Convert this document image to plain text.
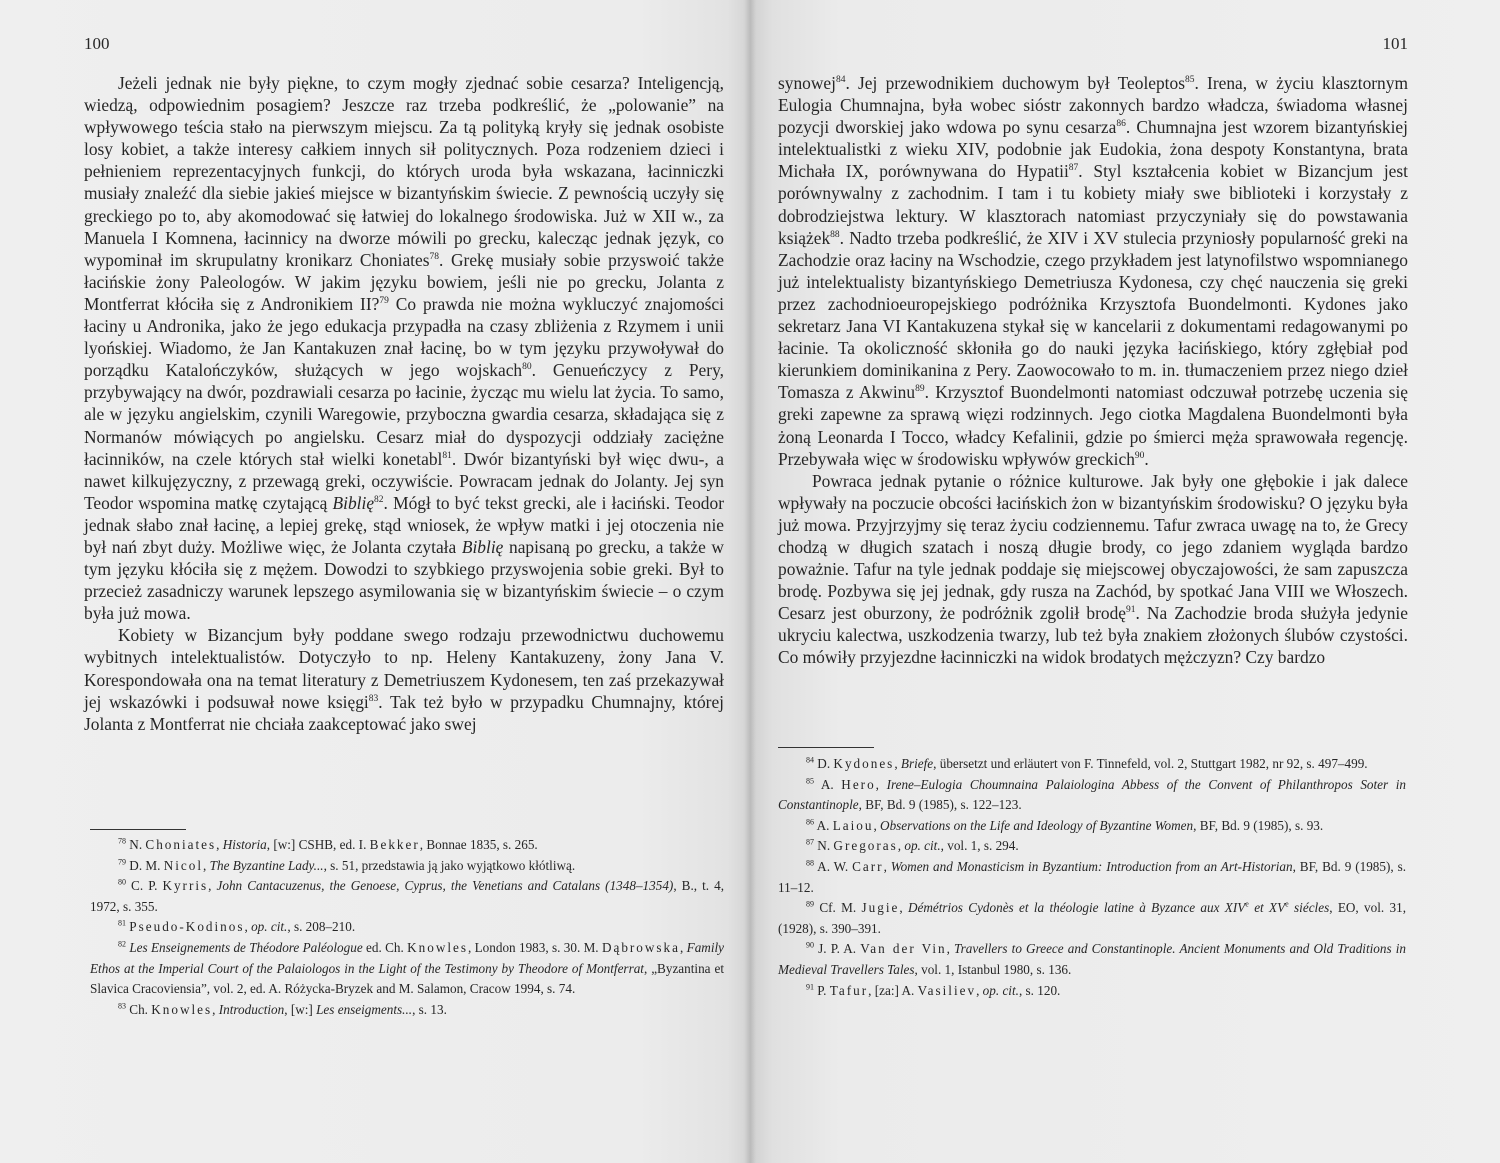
100

Jeżeli jednak nie były piękne, to czym mogły zjednać sobie cesarza? Inteligencją, wiedzą, odpowiednim posagiem? Jeszcze raz trzeba podkreślić, że „polowanie” na wpływowego teścia stało na pierwszym miejscu. Za tą polityką kryły się jednak osobiste losy kobiet, a także interesy całkiem innych sił politycznych. Poza rodzeniem dzieci i pełnieniem reprezentacyjnych funkcji, do których uroda była wskazana, łacinniczki musiały znaleźć dla siebie jakieś miejsce w bizantyńskim świecie. Z pewnością uczyły się greckiego po to, aby akomodować się łatwiej do lokalnego środowiska. Już w XII w., za Manuela I Komnena, łacinnicy na dworze mówili po grecku, kalecząc jednak język, co wypominał im skrupulatny kronikarz Choniates$^{78}$. Grekę musiały sobie przyswoić także łacińskie żony Paleologów. W jakim języku bowiem, jeśli nie po grecku, Jolanta z Montferrat kłóciła się z Andronikiem II?$^{79}$ Co prawda nie można wykluczyć znajomości łaciny u Andronika, jako że jego edukacja przypadła na czasy zbliżenia z Rzymem i unii lyońskiej. Wiadomo, że Jan Kantakuzen znał łacinę, bo w tym języku przywoływał do porządku Katalończyków, służących w jego wojskach$^{80}$. Genueńczycy z Pery, przybywający na dwór, pozdrawiali cesarza po łacinie, życząc mu wielu lat życia. To samo, ale w języku angielskim, czynili Waregowie, przyboczna gwardia cesarza, składająca się z Normanów mówiących po angielsku. Cesarz miał do dyspozycji oddziały zaciężne łacinników, na czele których stał wielki konetabl$^{81}$. Dwór bizantyński był więc dwu-, a nawet kilkujęzyczny, z przewagą greki, oczywiście. Powracam jednak do Jolanty. Jej syn Teodor wspomina matkę czytającą Biblię$^{82}$. Mógł to być tekst grecki, ale i łaciński. Teodor jednak słabo znał łacinę, a lepiej grekę, stąd wniosek, że wpływ matki i jej otoczenia nie był nań zbyt duży. Możliwe więc, że Jolanta czytała Biblię napisaną po grecku, a także w tym języku kłóciła się z mężem. Dowodzi to szybkiego przyswojenia sobie greki. Był to przecież zasadniczy warunek lepszego asymilowania się w bizantyńskim świecie – o czym była już mowa.

Kobiety w Bizancjum były poddane swego rodzaju przewodnictwu duchowemu wybitnych intelektualistów. Dotyczyło to np. Heleny Kantakuzeny, żony Jana V. Korespondowała ona na temat literatury z Demetriuszem Kydonesem, ten zaś przekazywał jej wskazówki i podsuwał nowe księgi$^{83}$. Tak też było w przypadku Chumnajny, której Jolanta z Montferrat nie chciała zaakceptować jako swej

$^{78}$ N. Choniates, Historia, [w:] CSHB, ed. I. Bekker, Bonnae 1835, s. 265.

$^{79}$ D. M. Nicol, The Byzantine Lady..., s. 51, przedstawia ją jako wyjątkowo kłótliwą.

$^{80}$ C. P. Kyrris, John Cantacuzenus, the Genoese, Cyprus, the Venetians and Catalans (1348–1354), B., t. 4, 1972, s. 355.

$^{81}$ Pseudo-Kodinos, op. cit., s. 208–210.

$^{82}$ Les Enseignements de Théodore Paléologue ed. Ch. Knowles, London 1983, s. 30. M. Dąbrowska, Family Ethos at the Imperial Court of the Palaiologos in the Light of the Testimony by Theodore of Montferrat, „Byzantina et Slavica Cracoviensia”, vol. 2, ed. A. Różycka-Bryzek and M. Salamon, Cracow 1994, s. 74.

$^{83}$ Ch. Knowles, Introduction, [w:] Les enseigments..., s. 13.

101

synowej$^{84}$. Jej przewodnikiem duchowym był Teoleptos$^{85}$. Irena, w życiu klasztornym Eulogia Chumnajna, była wobec sióstr zakonnych bardzo władcza, świadoma własnej pozycji dworskiej jako wdowa po synu cesarza$^{86}$. Chumnajna jest wzorem bizantyńskiej intelektualistki z wieku XIV, podobnie jak Eudokia, żona despoty Konstantyna, brata Michała IX, porównywana do Hypatii$^{87}$. Styl kształcenia kobiet w Bizancjum jest porównywalny z zachodnim. I tam i tu kobiety miały swe biblioteki i korzystały z dobrodziejstwa lektury. W klasztorach natomiast przyczyniały się do powstawania książek$^{88}$. Nadto trzeba podkreślić, że XIV i XV stulecia przyniosły popularność greki na Zachodzie oraz łaciny na Wschodzie, czego przykładem jest latynofilstwo wspomnianego już intelektualisty bizantyńskiego Demetriusza Kydonesa, czy chęć nauczenia się greki przez zachodnioeuropejskiego podróżnika Krzysztofa Buondelmonti. Kydones jako sekretarz Jana VI Kantakuzena stykał się w kancelarii z dokumentami redagowanymi po łacinie. Ta okoliczność skłoniła go do nauki języka łacińskiego, który zgłębiał pod kierunkiem dominikanina z Pery. Zaowocowało to m. in. tłumaczeniem przez niego dzieł Tomasza z Akwinu$^{89}$. Krzysztof Buondelmonti natomiast odczuwał potrzebę uczenia się greki zapewne za sprawą więzi rodzinnych. Jego ciotka Magdalena Buondelmonti była żoną Leonarda I Tocco, władcy Kefalinii, gdzie po śmierci męża sprawowała regencję. Przebywała więc w środowisku wpływów greckich$^{90}$.

Powraca jednak pytanie o różnice kulturowe. Jak były one głębokie i jak dalece wpływały na poczucie obcości łacińskich żon w bizantyńskim środowisku? O języku była już mowa. Przyjrzyjmy się teraz życiu codziennemu. Tafur zwraca uwagę na to, że Grecy chodzą w długich szatach i noszą długie brody, co jego zdaniem wygląda bardzo poważnie. Tafur na tyle jednak poddaje się miejscowej obyczajowości, że sam zapuszcza brodę. Pozbywa się jej jednak, gdy rusza na Zachód, by spotkać Jana VIII we Włoszech. Cesarz jest oburzony, że podróżnik zgolił brodę$^{91}$. Na Zachodzie broda służyła jedynie ukryciu kalectwa, uszkodzenia twarzy, lub też była znakiem złożonych ślubów czystości. Co mówiły przyjezdne łacinniczki na widok brodatych mężczyzn? Czy bardzo

$^{84}$ D. Kydones, Briefe, übersetzt und erläutert von F. Tinnefeld, vol. 2, Stuttgart 1982, nr 92, s. 497–499.

$^{85}$ A. Hero, Irene–Eulogia Choumnaina Palaiologina Abbess of the Convent of Philanthropos Soter in Constantinople, BF, Bd. 9 (1985), s. 122–123.

$^{86}$ A. Laiou, Observations on the Life and Ideology of Byzantine Women, BF, Bd. 9 (1985), s. 93.

$^{87}$ N. Gregoras, op. cit., vol. 1, s. 294.

$^{88}$ A. W. Carr, Women and Monasticism in Byzantium: Introduction from an Art-Historian, BF, Bd. 9 (1985), s. 11–12.

$^{89}$ Cf. M. Jugie, Démétrios Cydonès et la théologie latine à Byzance aux XIVe et XVe siécles, EO, vol. 31, (1928), s. 390–391.

$^{90}$ J. P. A. Van der Vin, Travellers to Greece and Constantinople. Ancient Monuments and Old Traditions in Medieval Travellers Tales, vol. 1, Istanbul 1980, s. 136.

$^{91}$ P. Tafur, [za:] A. Vasiliev, op. cit., s. 120.
